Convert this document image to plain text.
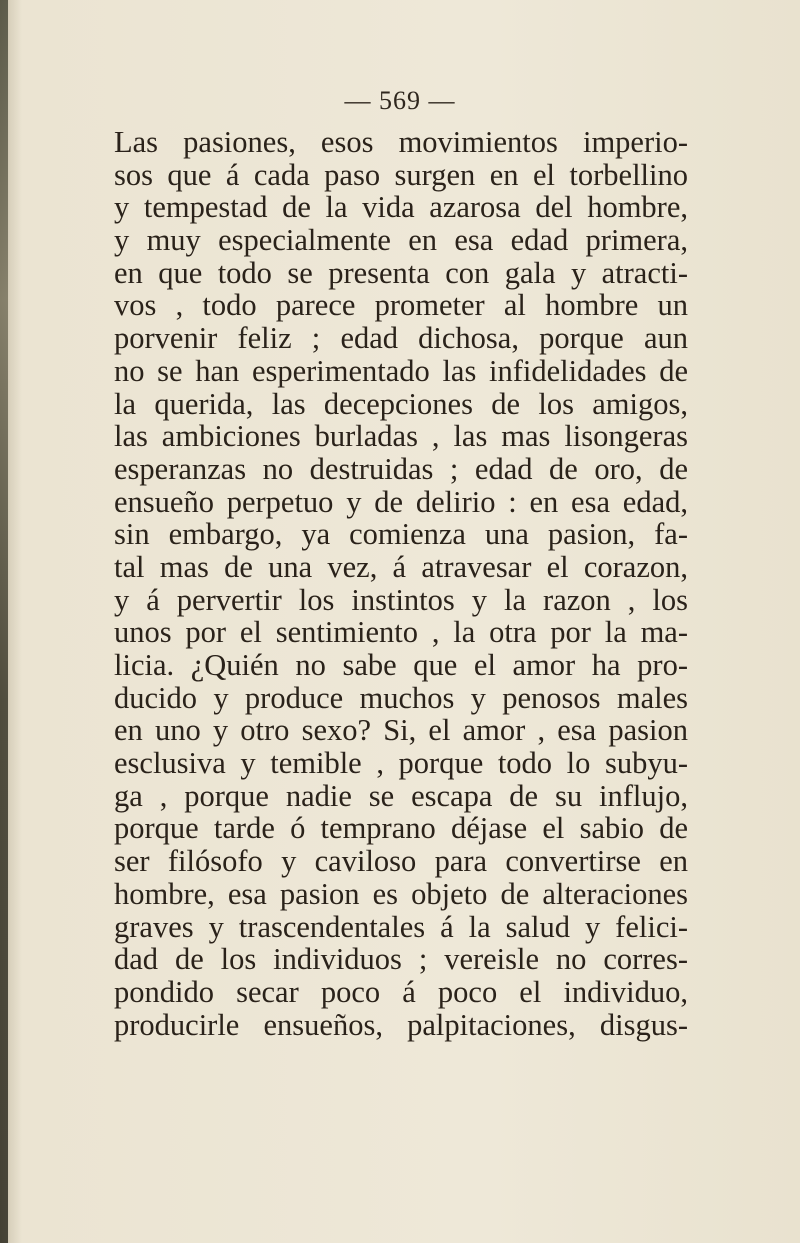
— 569 —
Las pasiones, esos movimientos imperio-
sos que á cada paso surgen en el torbellino
y tempestad de la vida azarosa del hombre,
y muy especialmente en esa edad primera,
en que todo se presenta con gala y atracti-
vos , todo parece prometer al hombre un
porvenir feliz ; edad dichosa, porque aun
no se han esperimentado las infidelidades de
la querida, las decepciones de los amigos,
las ambiciones burladas , las mas lisongeras
esperanzas no destruidas ; edad de oro, de
ensueño perpetuo y de delirio : en esa edad,
sin embargo, ya comienza una pasion, fa-
tal mas de una vez, á atravesar el corazon,
y á pervertir los instintos y la razon , los
unos por el sentimiento , la otra por la ma-
licia. ¿Quién no sabe que el amor ha pro-
ducido y produce muchos y penosos males
en uno y otro sexo? Si, el amor , esa pasion
esclusiva y temible , porque todo lo subyu-
ga , porque nadie se escapa de su influjo,
porque tarde ó temprano déjase el sabio de
ser filósofo y caviloso para convertirse en
hombre, esa pasion es objeto de alteraciones
graves y trascendentales á la salud y felici-
dad de los individuos ; vereisle no corres-
pondido secar poco á poco el individuo,
producirle ensueños, palpitaciones, disgus-
